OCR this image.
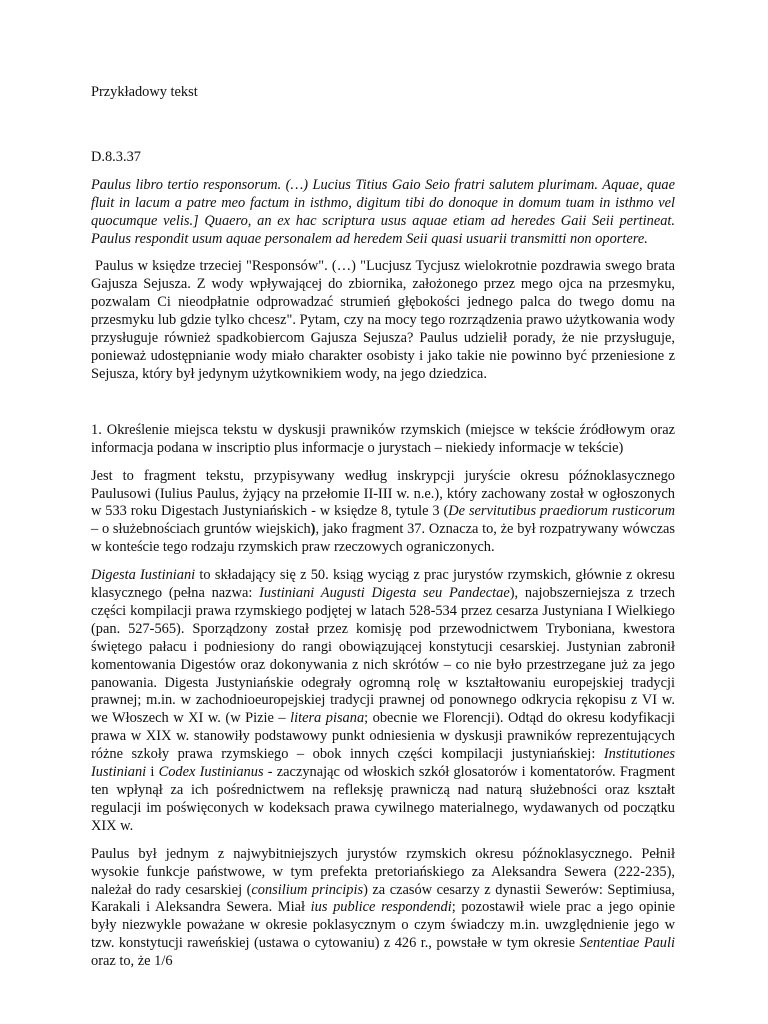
Przykładowy tekst

D.8.3.37

Paulus libro tertio responsorum. (…) Lucius Titius Gaio Seio fratri salutem plurimam. Aquae, quae fluit in lacum a patre meo factum in isthmo, digitum tibi do donoque in domum tuam in isthmo vel quocumque velis.] Quaero, an ex hac scriptura usus aquae etiam ad heredes Gaii Seii pertineat. Paulus respondit usum aquae personalem ad heredem Seii quasi usuarii transmitti non oportere.

Paulus w księdze trzeciej "Responsów". (…) "Lucjusz Tycjusz wielokrotnie pozdrawia swego brata Gajusza Sejusza. Z wody wpływającej do zbiornika, założonego przez mego ojca na przesmyku, pozwalam Ci nieodpłatnie odprowadzać strumień głębokości jednego palca do twego domu na przesmyku lub gdzie tylko chcesz". Pytam, czy na mocy tego rozrządzenia prawo użytkowania wody przysługuje również spadkobiercom Gajusza Sejusza? Paulus udzielił porady, że nie przysługuje, ponieważ udostępnianie wody miało charakter osobisty i jako takie nie powinno być przeniesione z Sejusza, który był jedynym użytkownikiem wody, na jego dziedzica.

1. Określenie miejsca tekstu w dyskusji prawników rzymskich (miejsce w tekście źródłowym oraz informacja podana w inscriptio plus informacje o jurystach – niekiedy informacje w tekście)

Jest to fragment tekstu, przypisywany według inskrypcji juryście okresu późnoklasycznego Paulusowi (Iulius Paulus, żyjący na przełomie II-III w. n.e.), który zachowany został w ogłoszonych w 533 roku Digestach Justyniańskich - w księdze 8, tytule 3 (De servitutibus praediorum rusticorum – o służebnościach gruntów wiejskich), jako fragment 37. Oznacza to, że był rozpatrywany wówczas w konteście tego rodzaju rzymskich praw rzeczowych ograniczonych.

Digesta Iustiniani to składający się z 50. ksiąg wyciąg z prac jurystów rzymskich, głównie z okresu klasycznego (pełna nazwa: Iustiniani Augusti Digesta seu Pandectae), najobszerniejsza z trzech części kompilacji prawa rzymskiego podjętej w latach 528-534 przez cesarza Justyniana I Wielkiego (pan. 527-565). Sporządzony został przez komisję pod przewodnictwem Tryboniana, kwestora świętego pałacu i podniesiony do rangi obowiązującej konstytucji cesarskiej. Justynian zabronił komentowania Digestów oraz dokonywania z nich skrótów – co nie było przestrzegane już za jego panowania. Digesta Justyniańskie odegrały ogromną rolę w kształtowaniu europejskiej tradycji prawnej; m.in. w zachodnioeuropejskiej tradycji prawnej od ponownego odkrycia rękopisu z VI w. we Włoszech w XI w. (w Pizie – litera pisana; obecnie we Florencji). Odtąd do okresu kodyfikacji prawa w XIX w. stanowiły podstawowy punkt odniesienia w dyskusji prawników reprezentujących różne szkoły prawa rzymskiego – obok innych części kompilacji justyniańskiej: Institutiones Iustiniani i Codex Iustinianus - zaczynając od włoskich szkół glosatorów i komentatorów. Fragment ten wpłynął za ich pośrednictwem na refleksję prawniczą nad naturą służebności oraz kształt regulacji im poświęconych w kodeksach prawa cywilnego materialnego, wydawanych od początku XIX w.

Paulus był jednym z najwybitniejszych jurystów rzymskich okresu późnoklasycznego. Pełnił wysokie funkcje państwowe, w tym prefekta pretoriańskiego za Aleksandra Sewera (222-235), należał do rady cesarskiej (consilium principis) za czasów cesarzy z dynastii Sewerów: Septimiusa, Karakali i Aleksandra Sewera. Miał ius publice respondendi; pozostawił wiele prac a jego opinie były niezwykle poważane w okresie poklasycznym o czym świadczy m.in. uwzględnienie jego w tzw. konstytucji raweńskiej (ustawa o cytowaniu) z 426 r., powstałe w tym okresie Sententiae Pauli oraz to, że 1/6
